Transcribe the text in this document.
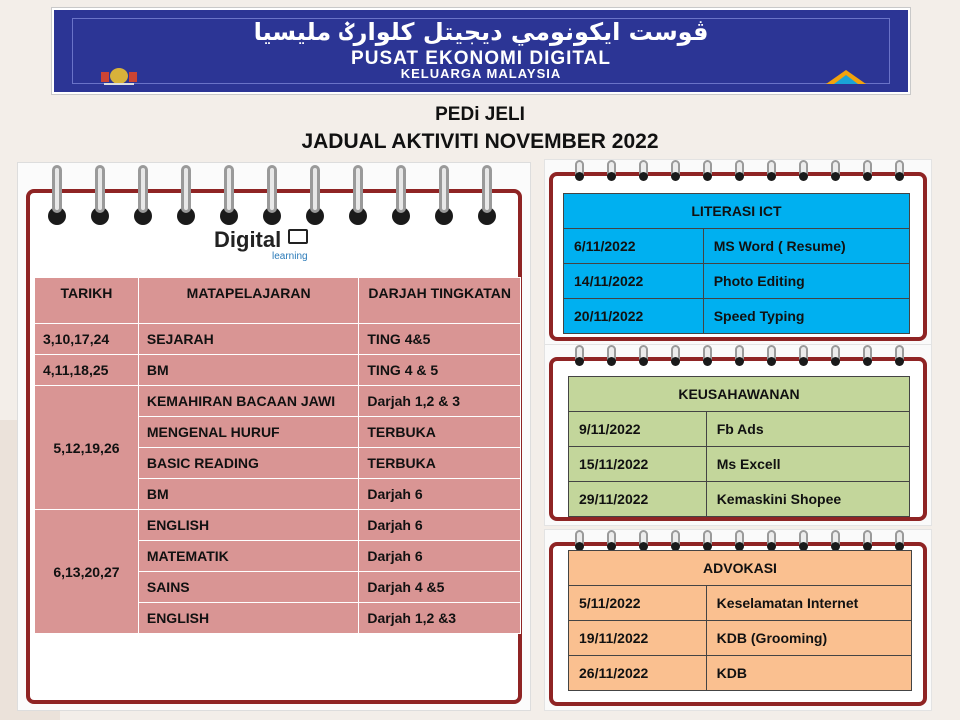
ڤوست ايکونومي ديجيتل کلوارݢ مليسيا
PUSAT EKONOMI DIGITAL
KELUARGA MALAYSIA
PEDi JELI
JADUAL AKTIVITI NOVEMBER 2022
Digital
learning
TARIKH	MATAPELAJARAN	DARJAH TINGKATAN
3,10,17,24	SEJARAH	TING 4&5
4,11,18,25	BM	TING 4 & 5
5,12,19,26	KEMAHIRAN BACAAN JAWI	Darjah 1,2 & 3
	MENGENAL HURUF	TERBUKA
	BASIC READING	TERBUKA
	BM	Darjah 6
6,13,20,27	ENGLISH	Darjah 6
	MATEMATIK	Darjah 6
	SAINS	Darjah 4 &5
	ENGLISH	Darjah 1,2 &3
LITERASI ICT	
6/11/2022	MS Word ( Resume)
14/11/2022	Photo Editing
20/11/2022	Speed Typing
KEUSAHAWANAN	
9/11/2022	Fb Ads
15/11/2022	Ms Excell
29/11/2022	Kemaskini Shopee
ADVOKASI	
5/11/2022	Keselamatan Internet
19/11/2022	KDB (Grooming)
26/11/2022	KDB
